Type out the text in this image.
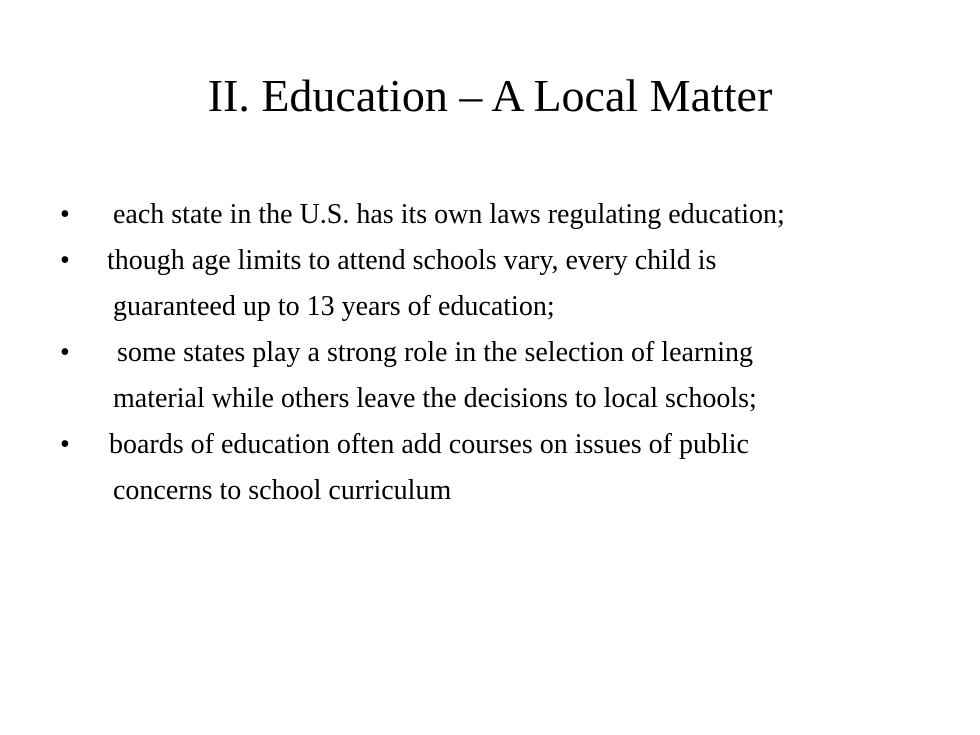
II. Education – A Local Matter
•	each state in the U.S. has its own laws regulating education;
•	though age limits to attend schools vary, every child is
guaranteed up to 13 years of education;
•	some states play a strong role in the selection of learning
material while others leave the decisions to local schools;
•	boards of education often add courses on issues of public
concerns to school curriculum
